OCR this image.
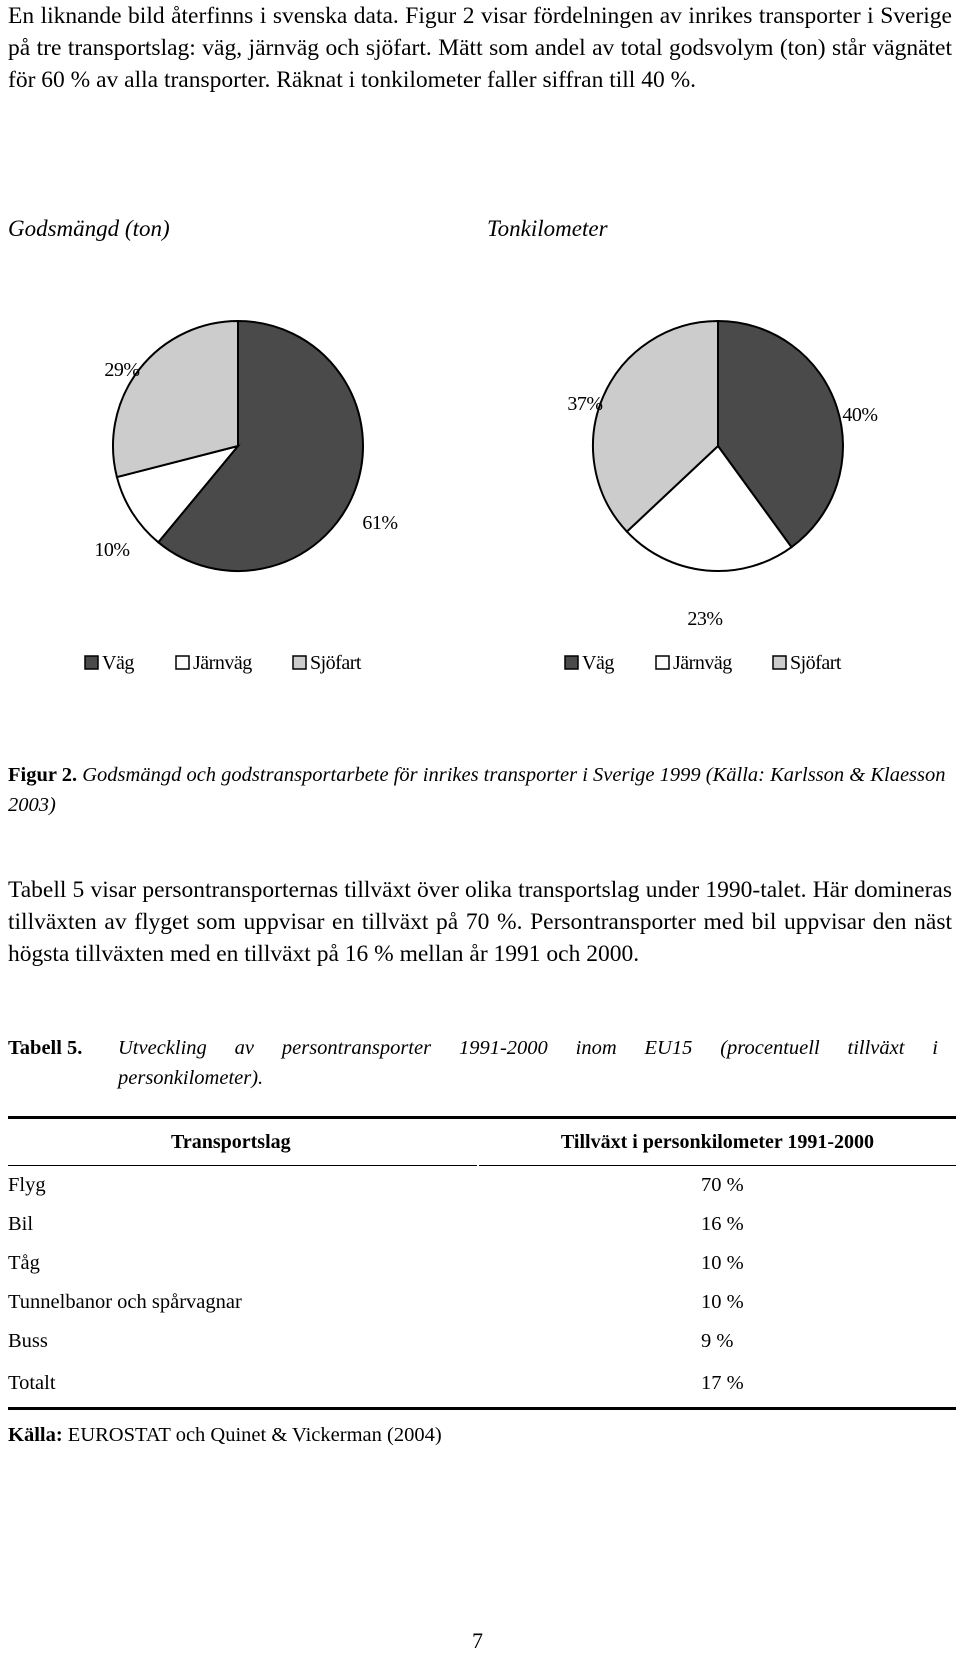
En liknande bild återfinns i svenska data. Figur 2 visar fördelningen av inrikes transporter i Sverige på tre transportslag: väg, järnväg och sjöfart. Mätt som andel av total godsvolym (ton) står vägnätet för 60 % av alla transporter. Räknat i tonkilometer faller siffran till 40 %.

Godsmängd (ton)	Tonkilometer

61%
10%
29%
40%
23%
37%
Väg	Järnväg	Sjöfart	Väg	Järnväg	Sjöfart

Figur 2. Godsmängd och godstransportarbete för inrikes transporter i Sverige 1999 (Källa: Karlsson & Klaesson 2003)

Tabell 5 visar persontransporternas tillväxt över olika transportslag under 1990-talet. Här domineras tillväxten av flyget som uppvisar en tillväxt på 70 %. Persontransporter med bil uppvisar den näst högsta tillväxten med en tillväxt på 16 % mellan år 1991 och 2000.

Tabell 5. Utveckling av persontransporter 1991-2000 inom EU15 (procentuell tillväxt i personkilometer).

Transportslag	Tillväxt i personkilometer 1991-2000
Flyg	70 %
Bil	16 %
Tåg	10 %
Tunnelbanor och spårvagnar	10 %
Buss	9 %
Totalt	17 %

Källa: EUROSTAT och Quinet & Vickerman (2004)

7
